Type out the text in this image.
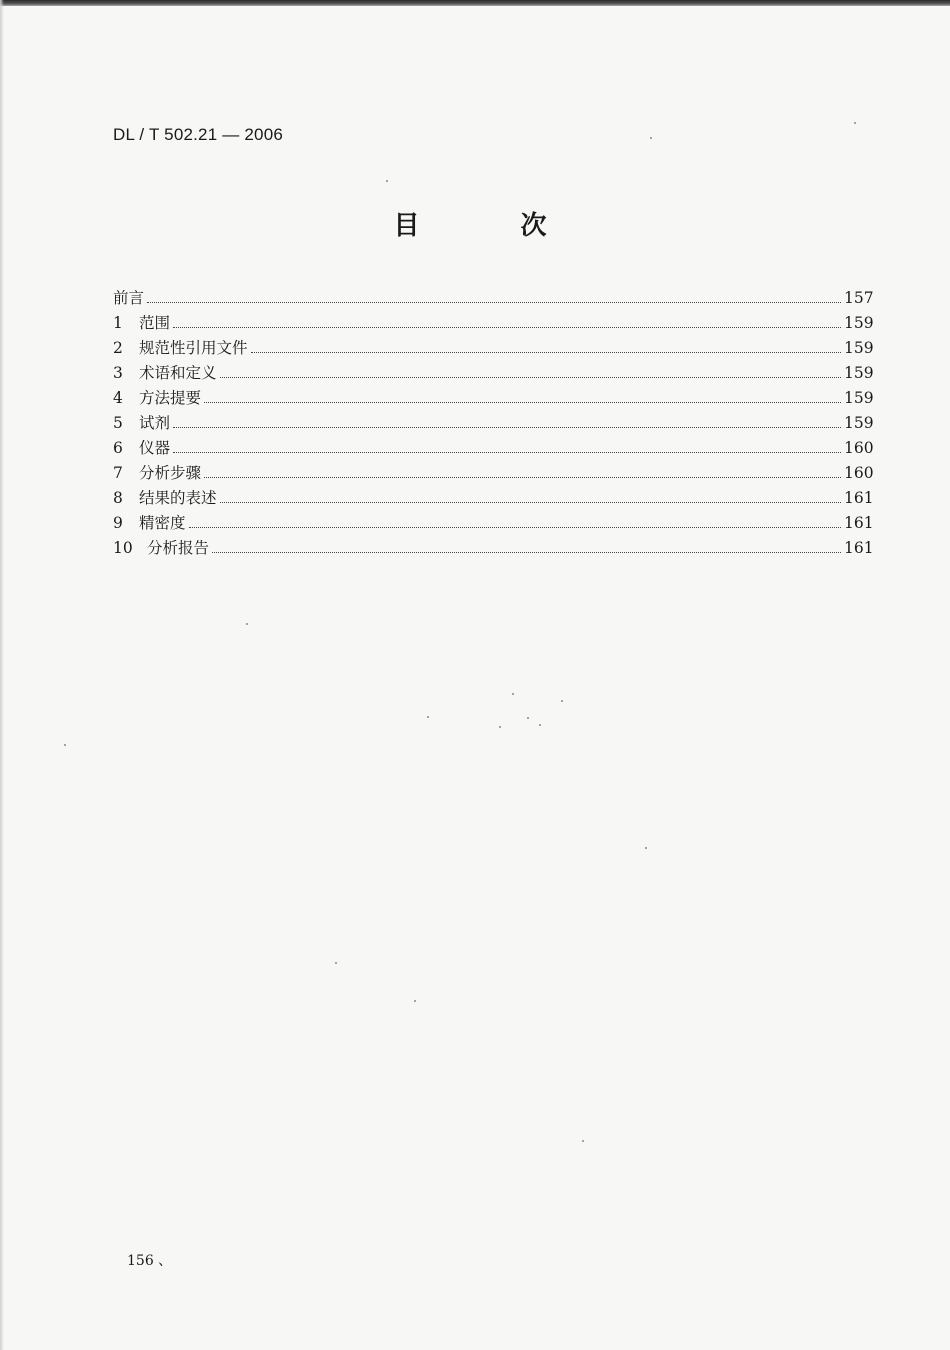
DL / T 502.21 — 2006
目 次
前言	157
1	范围	159
2	规范性引用文件	159
3	术语和定义	159
4	方法提要	159
5	试剂	159
6	仪器	160
7	分析步骤	160
8	结果的表述	161
9	精密度	161
10 分析报告	161
156 、
